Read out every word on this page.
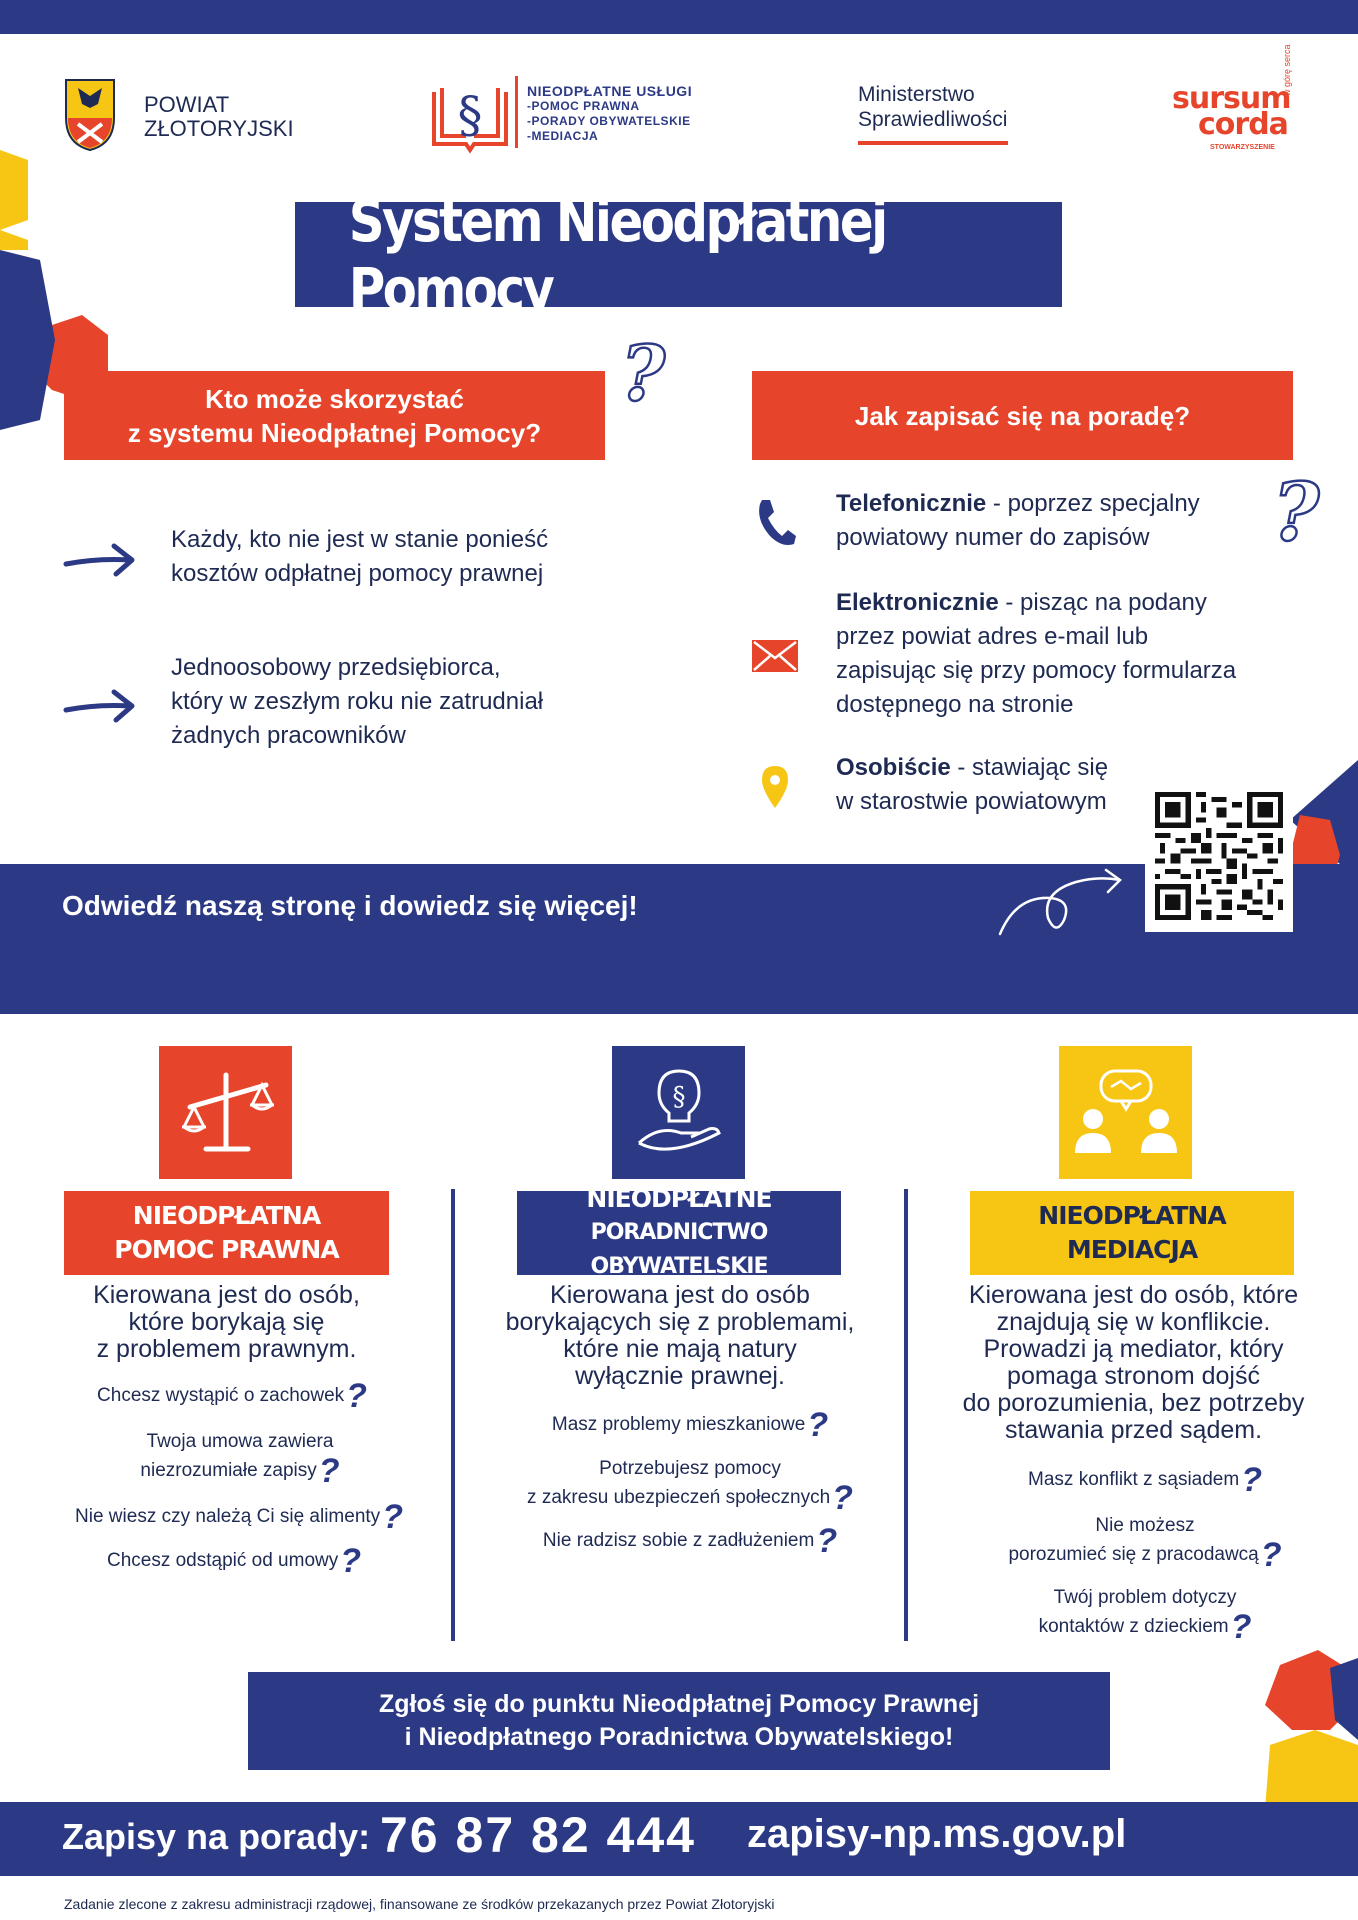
POWIAT
ZŁOTORYJSKI	§	NIEODPŁATNE USŁUGI
-POMOC PRAWNA
-PORADY OBYWATELSKIE
-MEDIACJA
Ministerstwo
Sprawiedliwości
sursum
corda
STOWARZYSZENIE
w górę serca
System Nieodpłatnej Pomocy
Kto może skorzystać
z systemu Nieodpłatnej Pomocy?
?
Każdy, kto nie jest w stanie ponieść
kosztów odpłatnej pomocy prawnej
Jednoosobowy przedsiębiorca,
który w zeszłym roku nie zatrudniał
żadnych pracowników
Jak zapisać się na poradę?
?
Telefonicznie - poprzez specjalny
powiatowy numer do zapisów
Elektronicznie - pisząc na podany
przez powiat adres e-mail lub
zapisując się przy pomocy formularza
dostępnego na stronie
Osobiście - stawiając się
w starostwie powiatowym
Odwiedź naszą stronę i dowiedz się więcej!
§
NIEODPŁATNA
POMOC PRAWNA
NIEODPŁATNE
PORADNICTWO OBYWATELSKIE
NIEODPŁATNA
MEDIACJA
Kierowana jest do osób,
które borykają się
z problemem prawnym.
Chcesz wystąpić o zachowek?
Twoja umowa zawiera
niezrozumiałe zapisy?
Nie wiesz czy należą Ci się alimenty?
Chcesz odstąpić od umowy?
Kierowana jest do osób
borykających się z problemami,
które nie mają natury
wyłącznie prawnej.
Masz problemy mieszkaniowe?
Potrzebujesz pomocy
z zakresu ubezpieczeń społecznych?
Nie radzisz sobie z zadłużeniem?
Kierowana jest do osób, które
znajdują się w konflikcie.
Prowadzi ją mediator, który
pomaga stronom dojść
do porozumienia, bez potrzeby
stawania przed sądem.
Masz konflikt z sąsiadem?
Nie możesz
porozumieć się z pracodawcą?
Twój problem dotyczy
kontaktów z dzieckiem?
Zgłoś się do punktu Nieodpłatnej Pomocy Prawnej
i Nieodpłatnego Poradnictwa Obywatelskiego!
Zapisy na porady: 76 87 82 444 zapisy-np.ms.gov.pl
Zadanie zlecone z zakresu administracji rządowej, finansowane ze środków przekazanych przez Powiat Złotoryjski
